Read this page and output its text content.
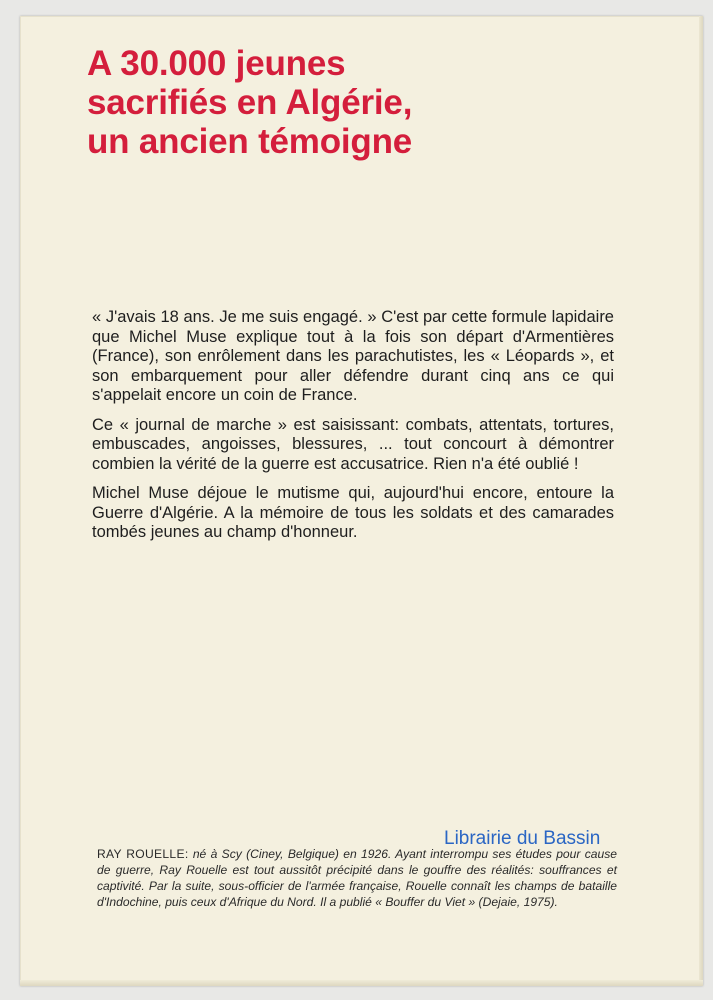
A 30.000 jeunes
sacrifiés en Algérie,
un ancien témoigne

« J'avais 18 ans. Je me suis engagé. » C'est par cette formule lapidaire que Michel Muse explique tout à la fois son départ d'Armentières (France), son enrôlement dans les parachutistes, les « Léopards », et son embarquement pour aller défendre durant cinq ans ce qui s'appelait encore un coin de France.

Ce « journal de marche » est saisissant: combats, attentats, tortures, embuscades, angoisses, blessures, ... tout concourt à démontrer combien la vérité de la guerre est accusatrice. Rien n'a été oublié !

Michel Muse déjoue le mutisme qui, aujourd'hui encore, entoure la Guerre d'Algérie. A la mémoire de tous les soldats et des camarades tombés jeunes au champ d'honneur.

Librairie du Bassin
RAY ROUELLE: né à Scy (Ciney, Belgique) en 1926. Ayant interrompu ses études pour cause de guerre, Ray Rouelle est tout aussitôt précipité dans le gouffre des réalités: souffrances et captivité. Par la suite, sous-officier de l'armée française, Rouelle connaît les champs de bataille d'Indochine, puis ceux d'Afrique du Nord. Il a publié « Bouffer du Viet » (Dejaie, 1975).
